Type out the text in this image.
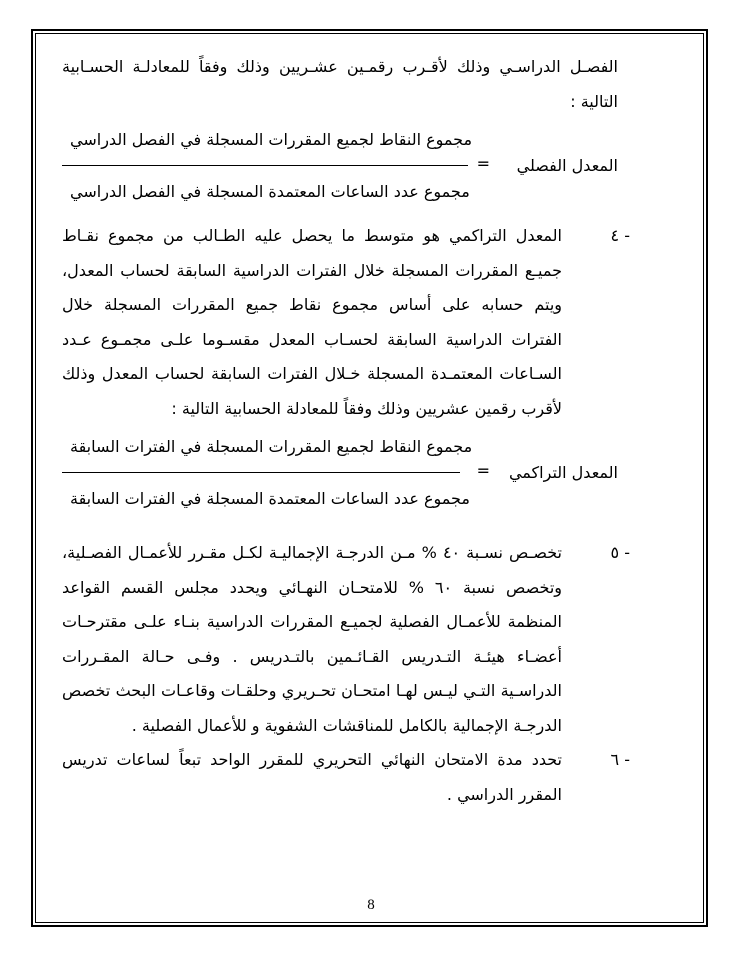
الفصـل الدراسـي وذلك لأقـرب رقمـين عشـريين وذلك وفقاً للمعادلـة الحسـابية التالية :

المعدل الفصلي
=
مجموع النقاط لجميع المقررات المسجلة في الفصل الدراسي
مجموع عدد الساعات المعتمدة المسجلة في الفصل الدراسي
٤ -

المعدل التراكمي هو متوسط ما يحصل عليه الطـالب من مجموع نقـاط جميـع المقررات المسجلة خلال الفترات الدراسية السابقة لحساب المعدل، ويتم حسابه على أساس مجموع نقاط جميع المقررات المسجلة خلال الفترات الدراسية السابقة لحسـاب المعدل مقسـوما علـى مجمـوع عـدد السـاعات المعتمـدة المسجلة خـلال الفترات السابقة لحساب المعدل وذلك لأقرب رقمين عشريين وذلك وفقاً للمعادلة الحسابية التالية :

المعدل التراكمي
=
مجموع النقاط لجميع المقررات المسجلة في الفترات السابقة
مجموع عدد الساعات المعتمدة المسجلة في الفترات السابقة
٥ -

تخصـص نسـبة ٤٠ % مـن الدرجـة الإجماليـة لكـل مقـرر للأعمـال الفصـلية، وتخصص نسبة ٦٠ % للامتحـان النهـائي ويحدد مجلس القسم القواعد المنظمة للأعمـال الفصلية لجميـع المقررات الدراسية بنـاء علـى مقترحـات أعضـاء هيئـة التـدريس القـائـمين بالتـدريس . وفـى حـالة المقـررات الدراسـية التـي ليـس لهـا امتحـان تحـريري وحلقـات وقاعـات البحث تخصص الدرجـة الإجمالية بالكامل للمناقشات الشفوية و للأعمال الفصلية .

٦ -

تحدد مدة الامتحان النهائي التحريري للمقرر الواحد تبعاً لساعات تدريس المقرر الدراسي .

8
